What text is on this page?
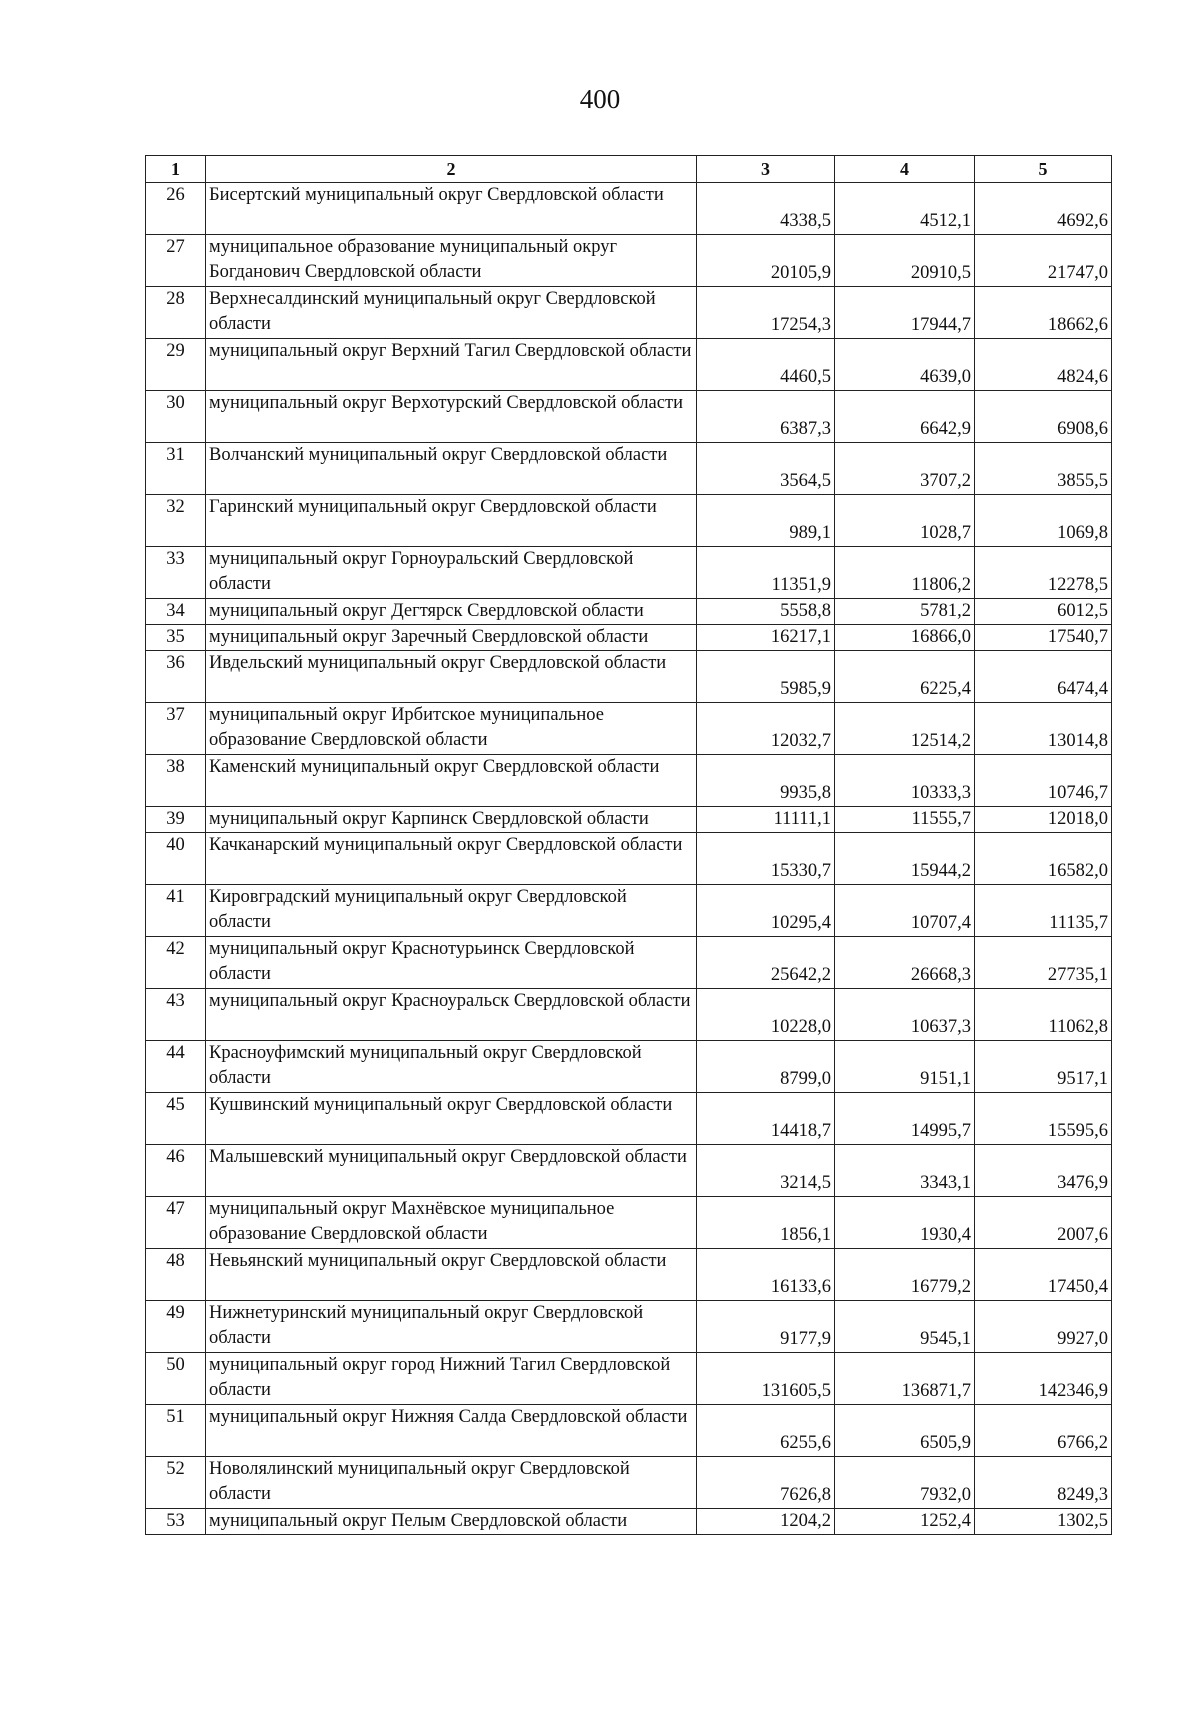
400
1	2	3	4	5
26	Бисертский муниципальный округ Свердловской области	4338,5	4512,1	4692,6
27	муниципальное образование муниципальный округ Богданович Свердловской области	20105,9	20910,5	21747,0
28	Верхнесалдинский муниципальный округ Свердловской области	17254,3	17944,7	18662,6
29	муниципальный округ Верхний Тагил Свердловской области	4460,5	4639,0	4824,6
30	муниципальный округ Верхотурский Свердловской области	6387,3	6642,9	6908,6
31	Волчанский муниципальный округ Свердловской области	3564,5	3707,2	3855,5
32	Гаринский муниципальный округ Свердловской области	989,1	1028,7	1069,8
33	муниципальный округ Горноуральский Свердловской области	11351,9	11806,2	12278,5
34	муниципальный округ Дегтярск Свердловской области	5558,8	5781,2	6012,5
35	муниципальный округ Заречный Свердловской области	16217,1	16866,0	17540,7
36	Ивдельский муниципальный округ Свердловской области	5985,9	6225,4	6474,4
37	муниципальный округ Ирбитское муниципальное образование Свердловской области	12032,7	12514,2	13014,8
38	Каменский муниципальный округ Свердловской области	9935,8	10333,3	10746,7
39	муниципальный округ Карпинск Свердловской области	11111,1	11555,7	12018,0
40	Качканарский муниципальный округ Свердловской области	15330,7	15944,2	16582,0
41	Кировградский муниципальный округ Свердловской области	10295,4	10707,4	11135,7
42	муниципальный округ Краснотурьинск Свердловской области	25642,2	26668,3	27735,1
43	муниципальный округ Красноуральск Свердловской области	10228,0	10637,3	11062,8
44	Красноуфимский муниципальный округ Свердловской области	8799,0	9151,1	9517,1
45	Кушвинский муниципальный округ Свердловской области	14418,7	14995,7	15595,6
46	Малышевский муниципальный округ Свердловской области	3214,5	3343,1	3476,9
47	муниципальный округ Махнёвское муниципальное образование Свердловской области	1856,1	1930,4	2007,6
48	Невьянский муниципальный округ Свердловской области	16133,6	16779,2	17450,4
49	Нижнетуринский муниципальный округ Свердловской области	9177,9	9545,1	9927,0
50	муниципальный округ город Нижний Тагил Свердловской области	131605,5	136871,7	142346,9
51	муниципальный округ Нижняя Салда Свердловской области	6255,6	6505,9	6766,2
52	Новолялинский муниципальный округ Свердловской области	7626,8	7932,0	8249,3
53	муниципальный округ Пелым Свердловской области	1204,2	1252,4	1302,5
